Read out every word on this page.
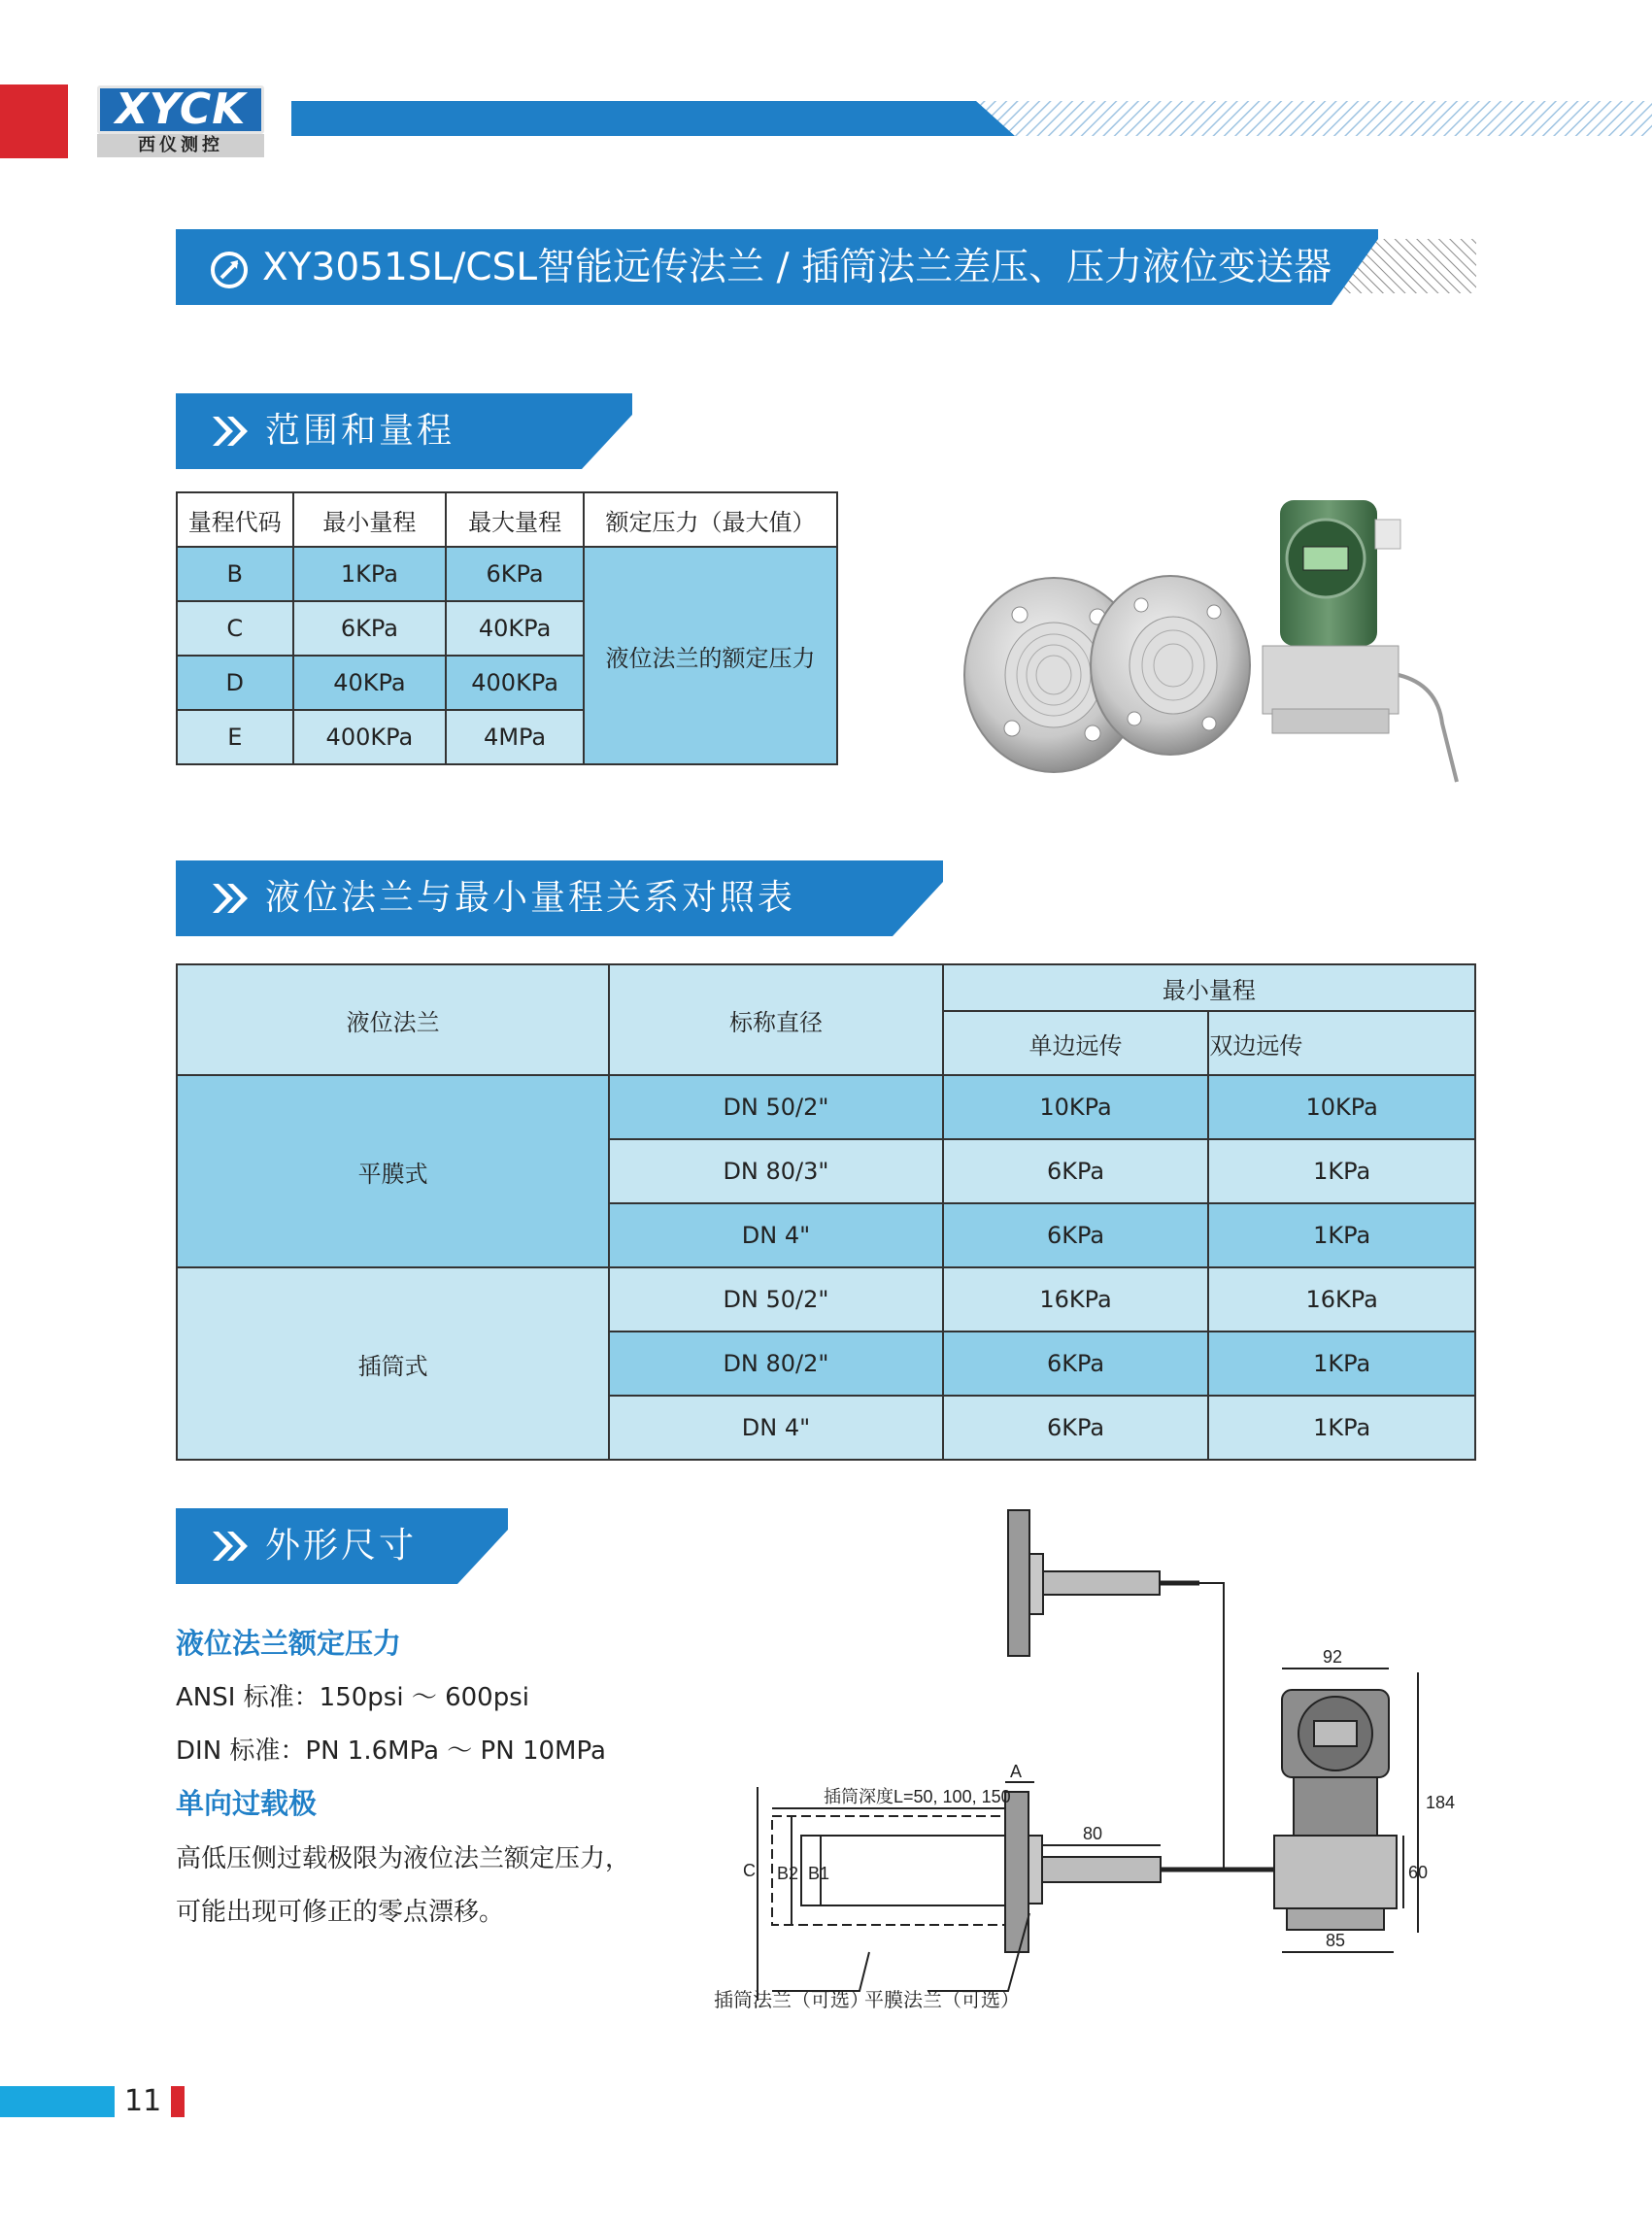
XYCK
西仪测控
XY3051SL/CSL智能远传法兰 / 插筒法兰差压、压力液位变送器
范围和量程
量程代码	最小量程	最大量程	额定压力（最大值）
B	1KPa	6KPa	液位法兰的额定压力
C	6KPa	40KPa	
D	40KPa	400KPa	
E	400KPa	4MPa	
液位法兰与最小量程关系对照表
液位法兰	标称直径	最小量程	
		单边远传	双边远传
平膜式	DN 50/2"	10KPa	10KPa
	DN 80/3"	6KPa	1KPa
	DN 4"	6KPa	1KPa
插筒式	DN 50/2"	16KPa	16KPa
	DN 80/2"	6KPa	1KPa
	DN 4"	6KPa	1KPa
外形尺寸
液位法兰额定压力
ANSI 标准：150psi ～ 600psi
DIN 标准：PN 1.6MPa ～ PN 10MPa
单向过载极
高低压侧过载极限为液位法兰额定压力，
可能出现可修正的零点漂移。
插筒深度L=50, 100, 150
A
C B2 B1
80
92
184
60
85
插筒法兰（可选）
平膜法兰（可选）
11
